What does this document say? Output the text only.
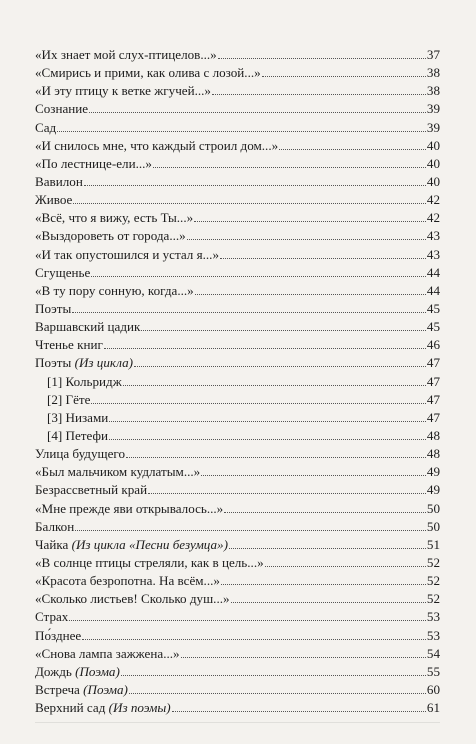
«Их знает мой слух-птицелов...»	37
«Смирись и прими, как олива с лозой...»	38
«И эту птицу к ветке жгучей...»	38
Сознание	39
Сад	39
«И снилось мне, что каждый строил дом...»	40
«По лестнице-ели...»	40
Вавилон	40
Живое	42
«Всё, что я вижу, есть Ты...»	42
«Выздороветь от города...»	43
«И так опустошился и устал я...»	43
Сгущенье	44
«В ту пору сонную, когда...»	44
Поэты	45
Варшавский цадик	45
Чтенье книг	46
Поэты (Из цикла)	47
[1] Кольридж	47
[2] Гёте	47
[3] Низами	47
[4] Петефи	48
Улица будущего	48
«Был мальчиком кудлатым...»	49
Безрассветный край	49
«Мне прежде яви открывалось...»	50
Балкон	50
Чайка (Из цикла «Песни безумца»)	51
«В солнце птицы стреляли, как в цель...»	52
«Красота безропотна. На всём...»	52
«Сколько листьев! Сколько душ...»	52
Страх	53
По́зднее	53
«Снова лампа зажжена...»	54
Дождь (Поэма)	55
Встреча (Поэма)	60
Верхний сад (Из поэмы)	61
